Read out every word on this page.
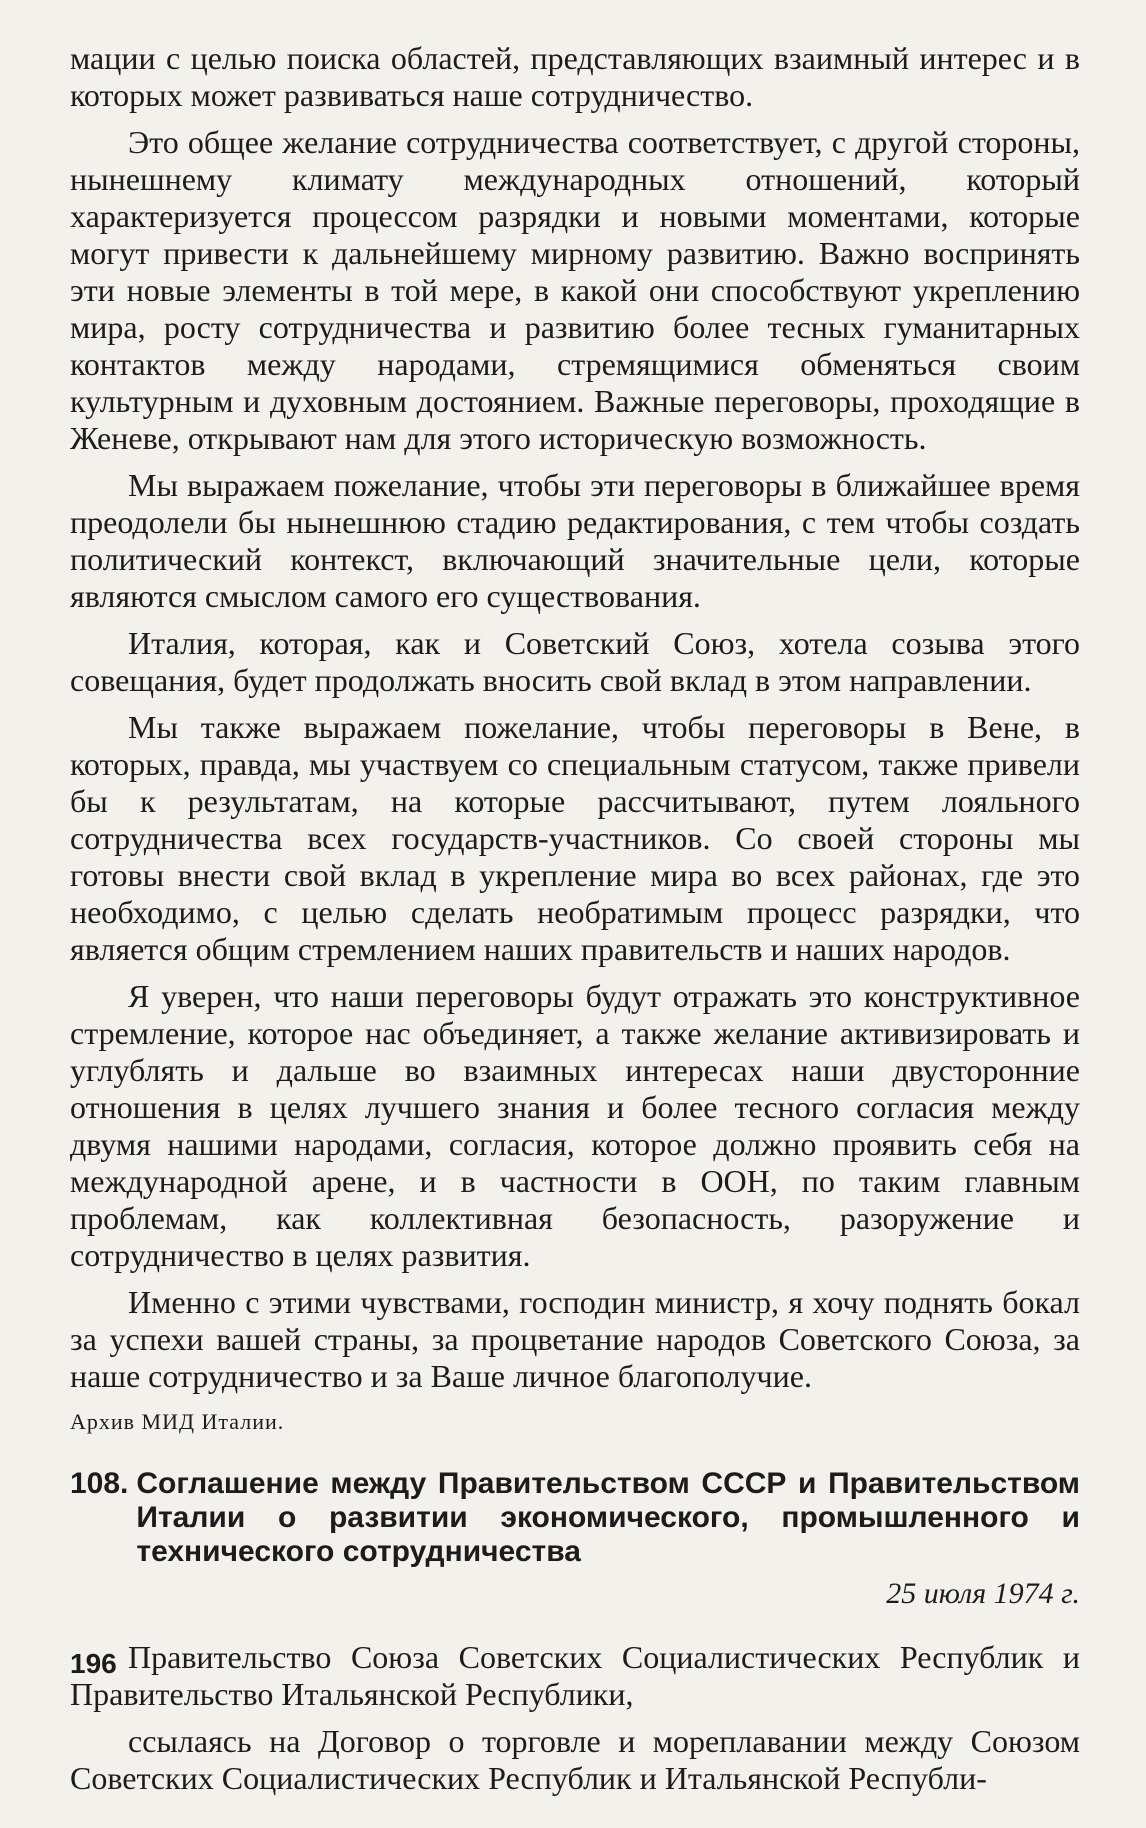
мации с целью поиска областей, представляющих взаимный интерес и в которых может развиваться наше сотрудничество.

Это общее желание сотрудничества соответствует, с другой стороны, нынешнему климату международных отношений, который характеризуется процессом разрядки и новыми моментами, которые могут привести к дальнейшему мирному развитию. Важно воспринять эти новые элементы в той мере, в какой они способствуют укреплению мира, росту сотрудничества и развитию более тесных гуманитарных контактов между народами, стремящимися обменяться своим культурным и духовным достоянием. Важные переговоры, проходящие в Женеве, открывают нам для этого историческую возможность.

Мы выражаем пожелание, чтобы эти переговоры в ближайшее время преодолели бы нынешнюю стадию редактирования, с тем чтобы создать политический контекст, включающий значительные цели, которые являются смыслом самого его существования.

Италия, которая, как и Советский Союз, хотела созыва этого совещания, будет продолжать вносить свой вклад в этом направлении.

Мы также выражаем пожелание, чтобы переговоры в Вене, в которых, правда, мы участвуем со специальным статусом, также привели бы к результатам, на которые рассчитывают, путем лояльного сотрудничества всех государств-участников. Со своей стороны мы готовы внести свой вклад в укрепление мира во всех районах, где это необходимо, с целью сделать необратимым процесс разрядки, что является общим стремлением наших правительств и наших народов.

Я уверен, что наши переговоры будут отражать это конструктивное стремление, которое нас объединяет, а также желание активизировать и углублять и дальше во взаимных интересах наши двусторонние отношения в целях лучшего знания и более тесного согласия между двумя нашими народами, согласия, которое должно проявить себя на международной арене, и в частности в ООН, по таким главным проблемам, как коллективная безопасность, разоружение и сотрудничество в целях развития.

Именно с этими чувствами, господин министр, я хочу поднять бокал за успехи вашей страны, за процветание народов Советского Союза, за наше сотрудничество и за Ваше личное благополучие.

Архив МИД Италии.
108. Соглашение между Правительством СССР и Правительством Италии о развитии экономического, промышленного и технического сотрудничества
25 июля 1974 г.

Правительство Союза Советских Социалистических Республик и Правительство Итальянской Республики,

ссылаясь на Договор о торговле и мореплавании между Союзом Советских Социалистических Республик и Итальянской Республи-

196
